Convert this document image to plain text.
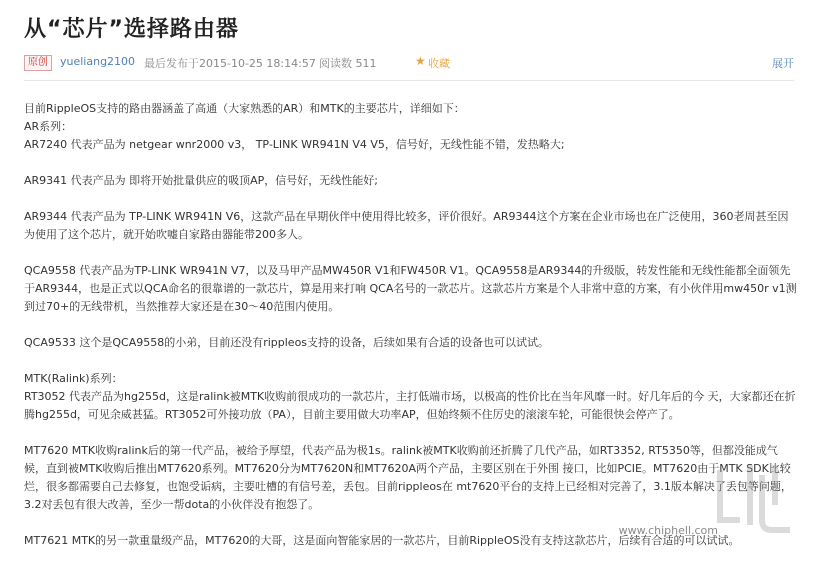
从“芯片”选择路由器
原创	yueliang2100 最后发布于2015-10-25 18:14:57 阅读数 511	★ 收藏	展开

目前RippleOS支持的路由器涵盖了高通（大家熟悉的AR）和MTK的主要芯片，详细如下：

AR系列：

AR7240 代表产品为 netgear wnr2000 v3， TP-LINK WR941N V4 V5，信号好，无线性能不错，发热略大;

AR9341 代表产品为 即将开始批量供应的吸顶AP，信号好，无线性能好;

AR9344 代表产品为 TP-LINK WR941N V6，这款产品在早期伙伴中使用得比较多，评价很好。AR9344这个方案在企业市场也在广泛使用，360老周甚至因为使用了这个芯片，就开始吹嘘自家路由器能带200多人。

QCA9558 代表产品为TP-LINK WR941N V7，以及马甲产品MW450R V1和FW450R V1。QCA9558是AR9344的升级版，转发性能和无线性能都全面领先于AR9344，也是正式以QCA命名的很靠谱的一款芯片，算是用来打响 QCA名号的一款芯片。这款芯片方案是个人非常中意的方案，有小伙伴用mw450r v1测到过70+的无线带机，当然推荐大家还是在30～40范围内使用。

QCA9533 这个是QCA9558的小弟，目前还没有rippleos支持的设备，后续如果有合适的设备也可以试试。

MTK(Ralink)系列：

RT3052 代表产品为hg255d，这是ralink被MTK收购前很成功的一款芯片，主打低端市场，以极高的性价比在当年风靡一时。好几年后的今 天，大家都还在折腾hg255d，可见余威甚猛。RT3052可外接功放（PA），目前主要用做大功率AP，但始终频不住厉史的滚滚车轮，可能很快会停产了。

MT7620 MTK收购ralink后的第一代产品，被给予厚望，代表产品为极1s。ralink被MTK收购前还折腾了几代产品，如RT3352, RT5350等，但都没能成气候，直到被MTK收购后推出MT7620系列。MT7620分为MT7620N和MT7620A两个产品，主要区别在于外围 接口，比如PCIE。MT7620由于MTK SDK比较烂，很多都需要自己去修复，也饱受诟病，主要吐槽的有信号差，丢包。目前rippleos在 mt7620平台的支持上已经相对完善了，3.1版本解决了丢包等问题，3.2对丢包有很大改善，至少一帮dota的小伙伴没有抱怨了。

MT7621 MTK的另一款重量级产品，MT7620的大哥，这是面向智能家居的一款芯片，目前RippleOS没有支持这款芯片，后续有合适的可以试试。

www.chiphell.com
